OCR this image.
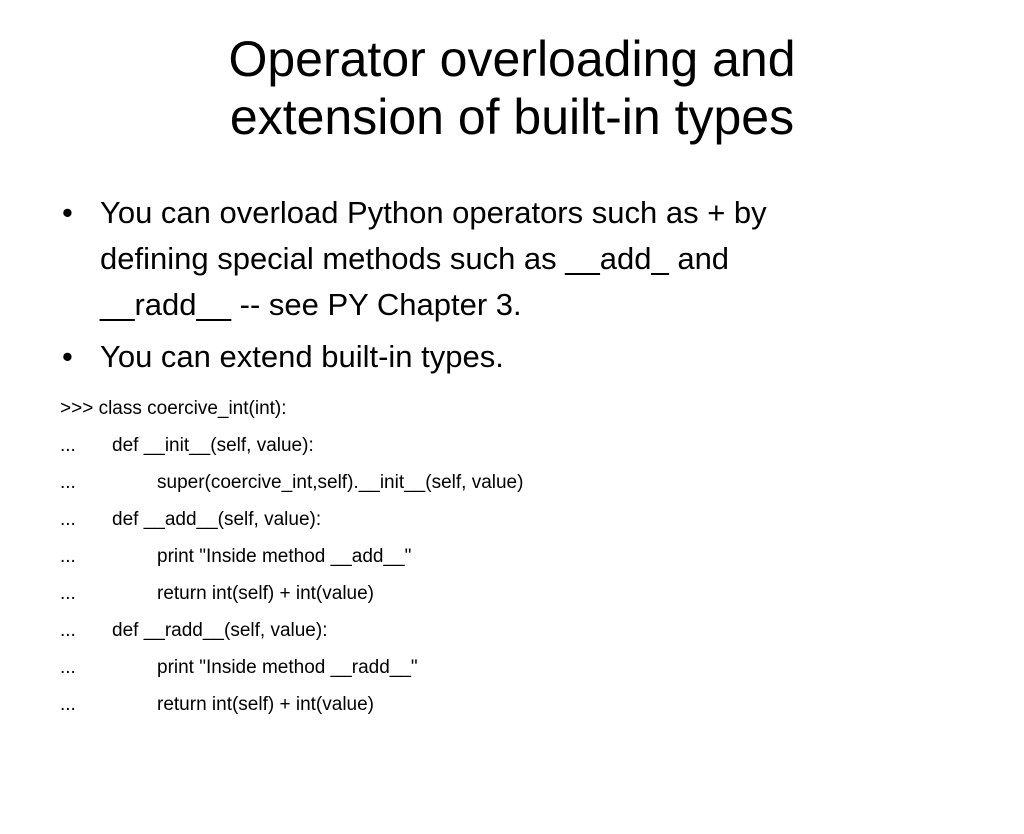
Operator overloading and
extension of built-in types
• You can overload Python operators such as + by
defining special methods such as __add_ and
__radd__ -- see PY Chapter 3.
• You can extend built-in types.

>>> class coercive_int(int):

...

def __init__(self, value):

...

	super(coercive_int,self).__init__(self, value)

...

def __add__(self, value):

...

	print "Inside method __add__"

...

	return int(self) + int(value)

...

def __radd__(self, value):

...

	print "Inside method __radd__"

...

	return int(self) + int(value)
